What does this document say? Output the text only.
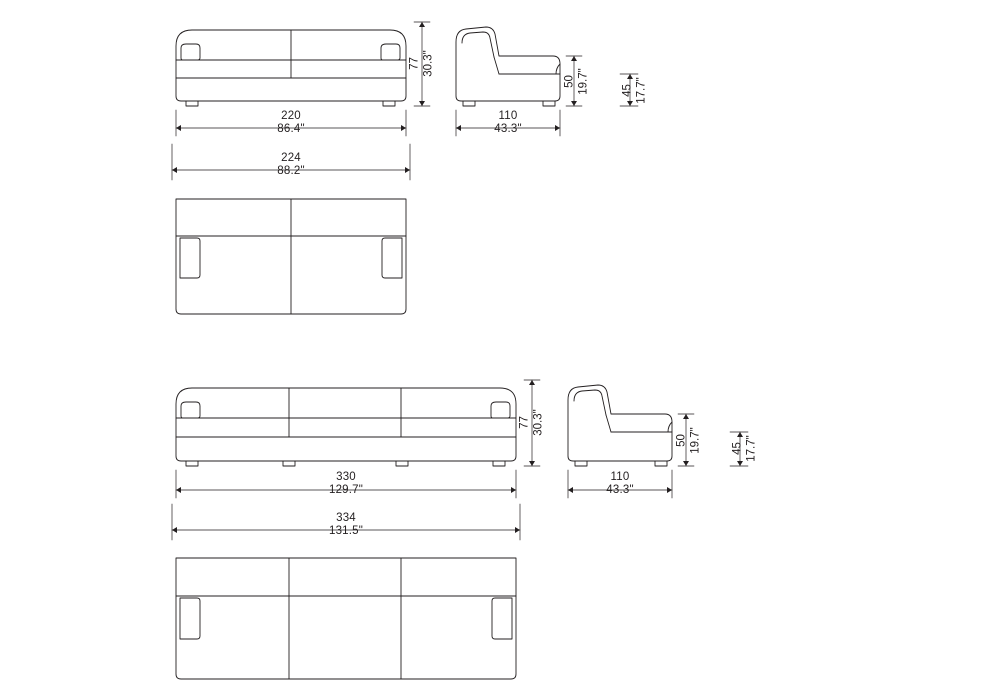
77 30.3"
50 19.7"	45 17.7"
220
86.4"
110
43.3"
224
88.2"
77 30.3"
50 19.7"	45 17.7"
330
129.7"
110
43.3"
334
131.5"
